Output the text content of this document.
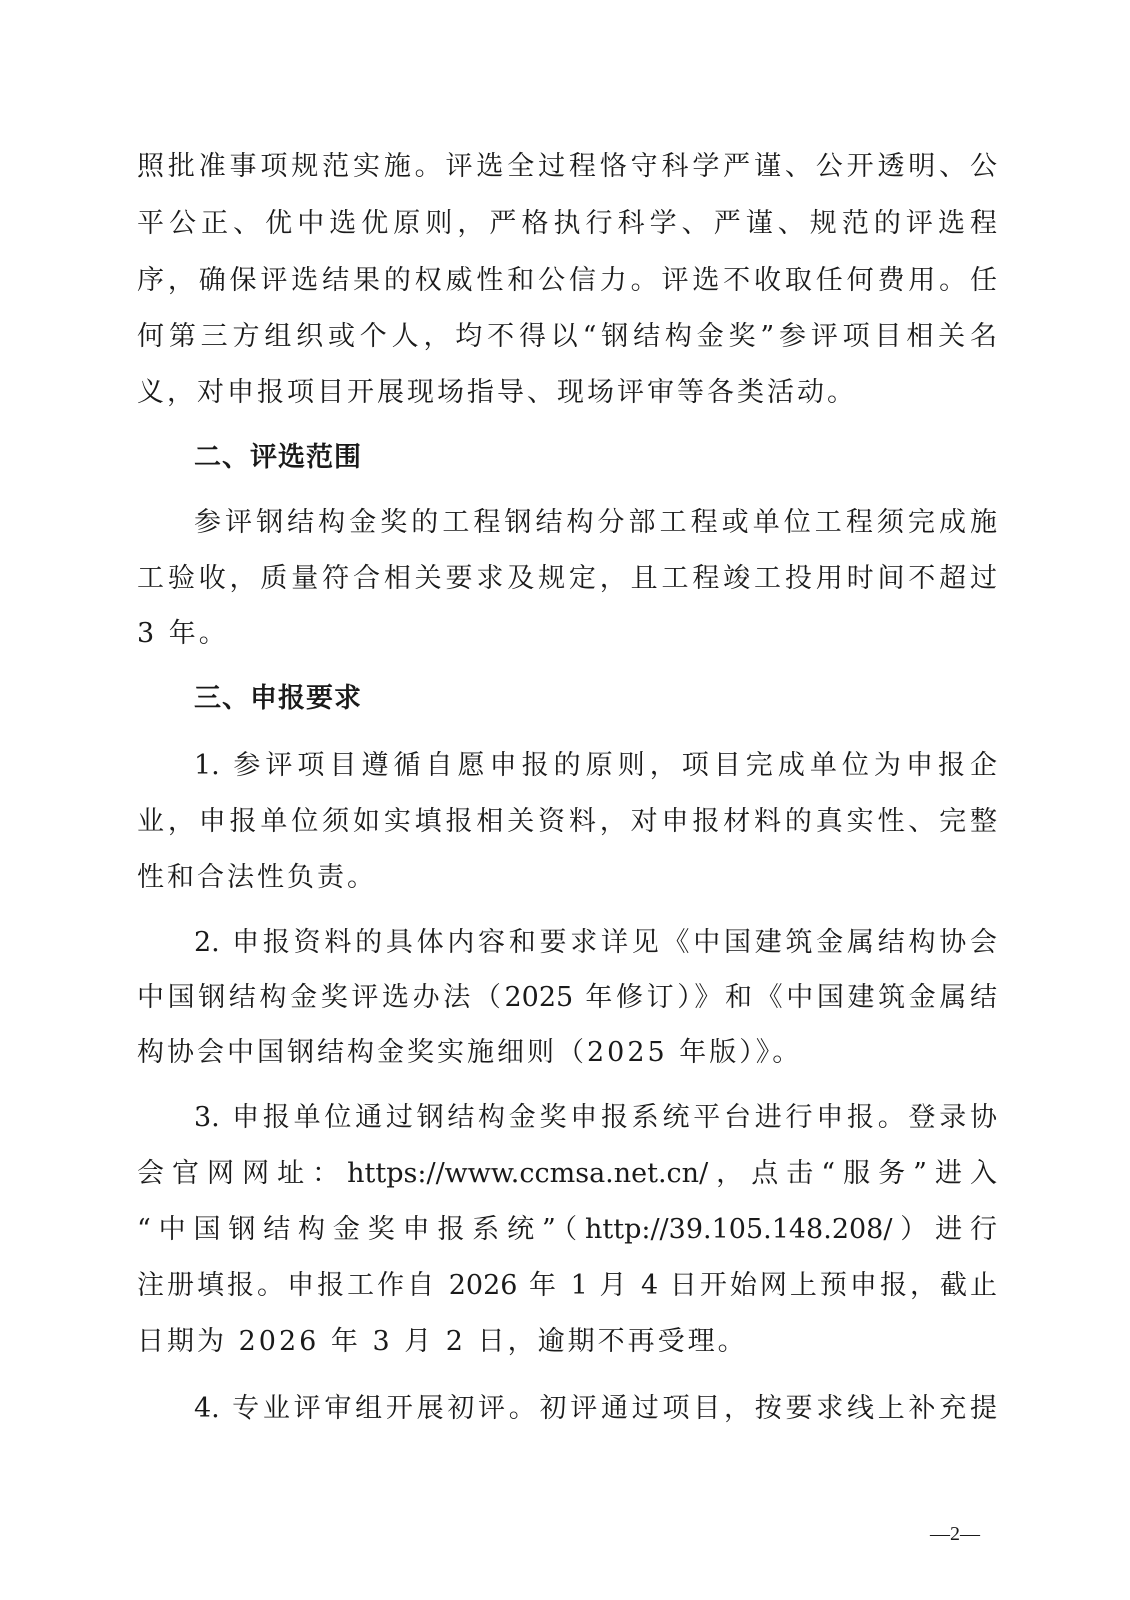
照批准事项规范实施。评选全过程恪守科学严谨、公开透明、公
平公正、优中选优原则，严格执行科学、严谨、规范的评选程
序，确保评选结果的权威性和公信力。评选不收取任何费用。任
何第三方组织或个人，均不得以“钢结构金奖”参评项目相关名
义，对申报项目开展现场指导、现场评审等各类活动。
二、评选范围
参评钢结构金奖的工程钢结构分部工程或单位工程须完成施
工验收，质量符合相关要求及规定，且工程竣工投用时间不超过
3 年。
三、申报要求
1. 参评项目遵循自愿申报的原则，项目完成单位为申报企
业，申报单位须如实填报相关资料，对申报材料的真实性、完整
性和合法性负责。
2. 申报资料的具体内容和要求详见《中国建筑金属结构协会
中国钢结构金奖评选办法（2025 年修订）》和《中国建筑金属结
构协会中国钢结构金奖实施细则（2025 年版）》。
3. 申报单位通过钢结构金奖申报系统平台进行申报。登录协
会官网网址：https://www.ccmsa.net.cn/，点击“服务”进入
“中国钢结构金奖申报系统”（http://39.105.148.208/）进行
注册填报。申报工作自 2026 年 1 月 4 日开始网上预申报，截止
日期为 2026 年 3 月 2 日，逾期不再受理。
4. 专业评审组开展初评。初评通过项目，按要求线上补充提
—2—
